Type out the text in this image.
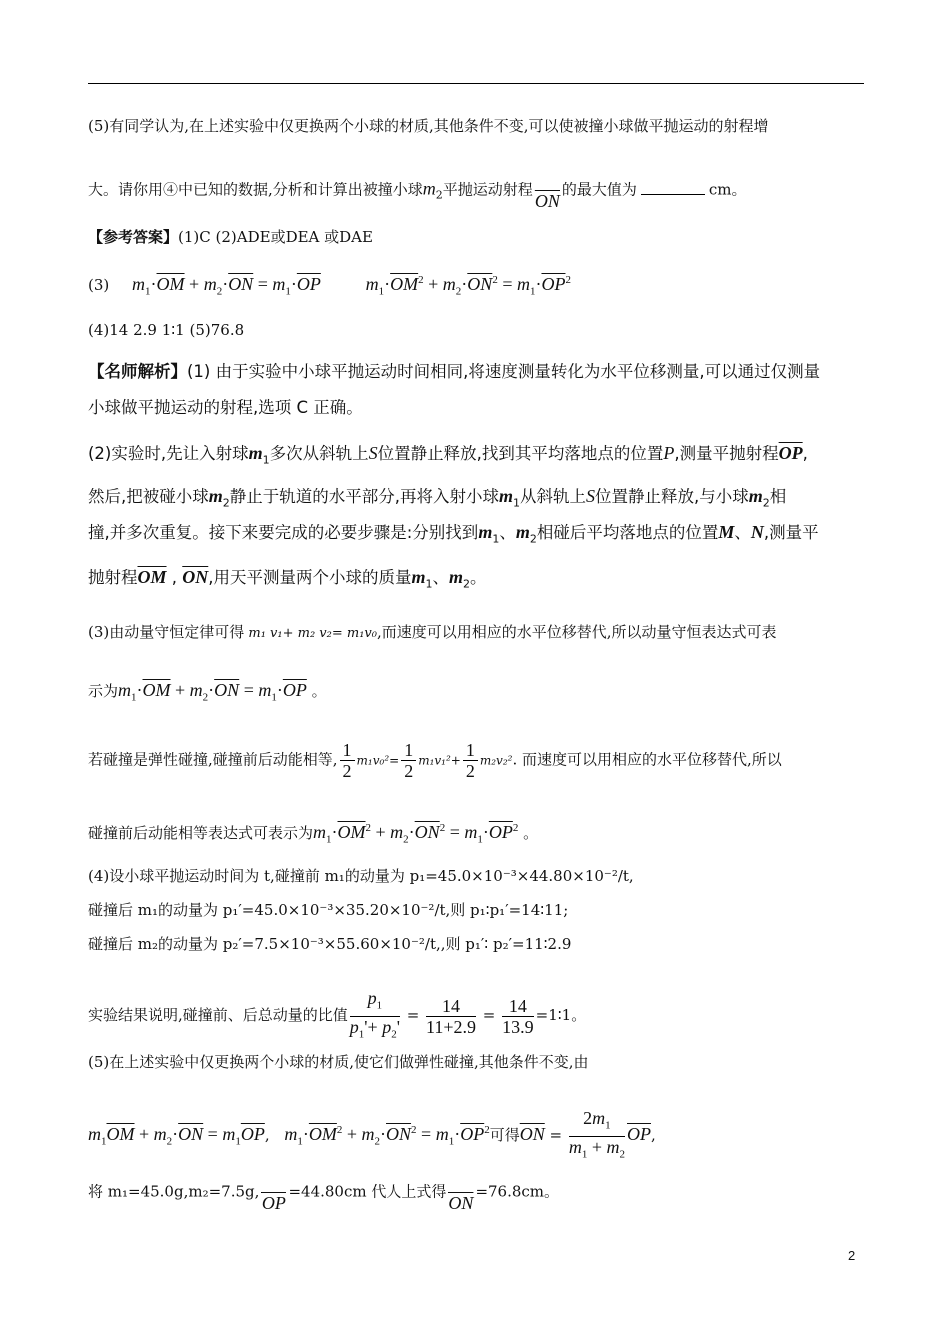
(5)有同学认为,在上述实验中仅更换两个小球的材质,其他条件不变,可以使被撞小球做平抛运动的射程增
大。请你用④中已知的数据,分析和计算出被撞小球$m_2$平抛运动射程

$\overline{ON}$
的最大值为	cm。
【参考答案】(1)C (2)ADE或DEA 或DAE
(3) $m_1\cdot\overline{OM} + m_2\cdot\overline{ON} = m_1\cdot\overline{OP}$ $m_1\cdot\overline{OM}^2 + m_2\cdot\overline{ON}^2 = m_1\cdot\overline{OP}^2$
(4)14 2.9 1∶1 (5)76.8
【名师解析】(1) 由于实验中小球平抛运动时间相同,将速度测量转化为水平位移测量,可以通过仅测量
小球做平抛运动的射程,选项 C 正确。
(2)实验时,先让入射球$m_1$多次从斜轨上S位置静止释放,找到其平均落地点的位置P,测量平抛射程$\overline{OP}$,
然后,把被碰小球$m_2$静止于轨道的水平部分,再将入射小球$m_1$从斜轨上S位置静止释放,与小球$m_2$相
撞,并多次重复。接下来要完成的必要步骤是:分别找到$m_1$、$m_2$相碰后平均落地点的位置M、N,测量平
抛射程$\overline{OM}$ , $\overline{ON}$,用天平测量两个小球的质量$m_1$、$m_2$。
(3)由动量守恒定律可得 m₁ v₁+ m₂ v₂= m₁v₀,而速度可以用相应的水平位移替代,所以动量守恒表达式可表
示为$m_1\cdot\overline{OM} + m_2\cdot\overline{ON} = m_1\cdot\overline{OP}$ 。
若碰撞是弹性碰撞,碰撞前后动能相等, $\frac{1}{2} m_1v_0^2= \frac{1}{2} m_1v_1^2+ \frac{1}{2} m_2v_2^2$. 而速度可以用相应的水平位移替代,所以
碰撞前后动能相等表达式可表示为$m_1\cdot\overline{OM}^2 + m_2\cdot\overline{ON}^2 = m_1\cdot\overline{OP}^2$ 。
(4)设小球平抛运动时间为 t,碰撞前 m₁的动量为 p₁=45.0×10⁻³×44.80×10⁻²/t,
碰撞后 m₁的动量为 p₁′=45.0×10⁻³×35.20×10⁻²/t,则 p₁∶p₁′=14∶11;
碰撞后 m₂的动量为 p₂′=7.5×10⁻³×55.60×10⁻²/t,,则 p₁′∶ p₂′=11∶2.9
实验结果说明,碰撞前、后总动量的比值 $\frac{p_1}{p_1'+ p_2'} = \frac{14}{11+2.9} = \frac{14}{13.9}$ =1∶1。
(5)在上述实验中仅更换两个小球的材质,使它们做弹性碰撞,其他条件不变,由
$m_1\overline{OM} + m_2\cdot\overline{ON} = m_1\overline{OP}$, $m_1\cdot\overline{OM}^2 + m_2\cdot\overline{ON}^2 = m_1\cdot\overline{OP}^2$可得$\overline{ON} = \frac{2m_1}{m_1 + m_2} \overline{OP}$,
将 m₁=45.0g,m₂=7.5g,

$\overline{OP}$
=44.80cm 代人上式得

$\overline{ON}$
=76.8cm。
2
